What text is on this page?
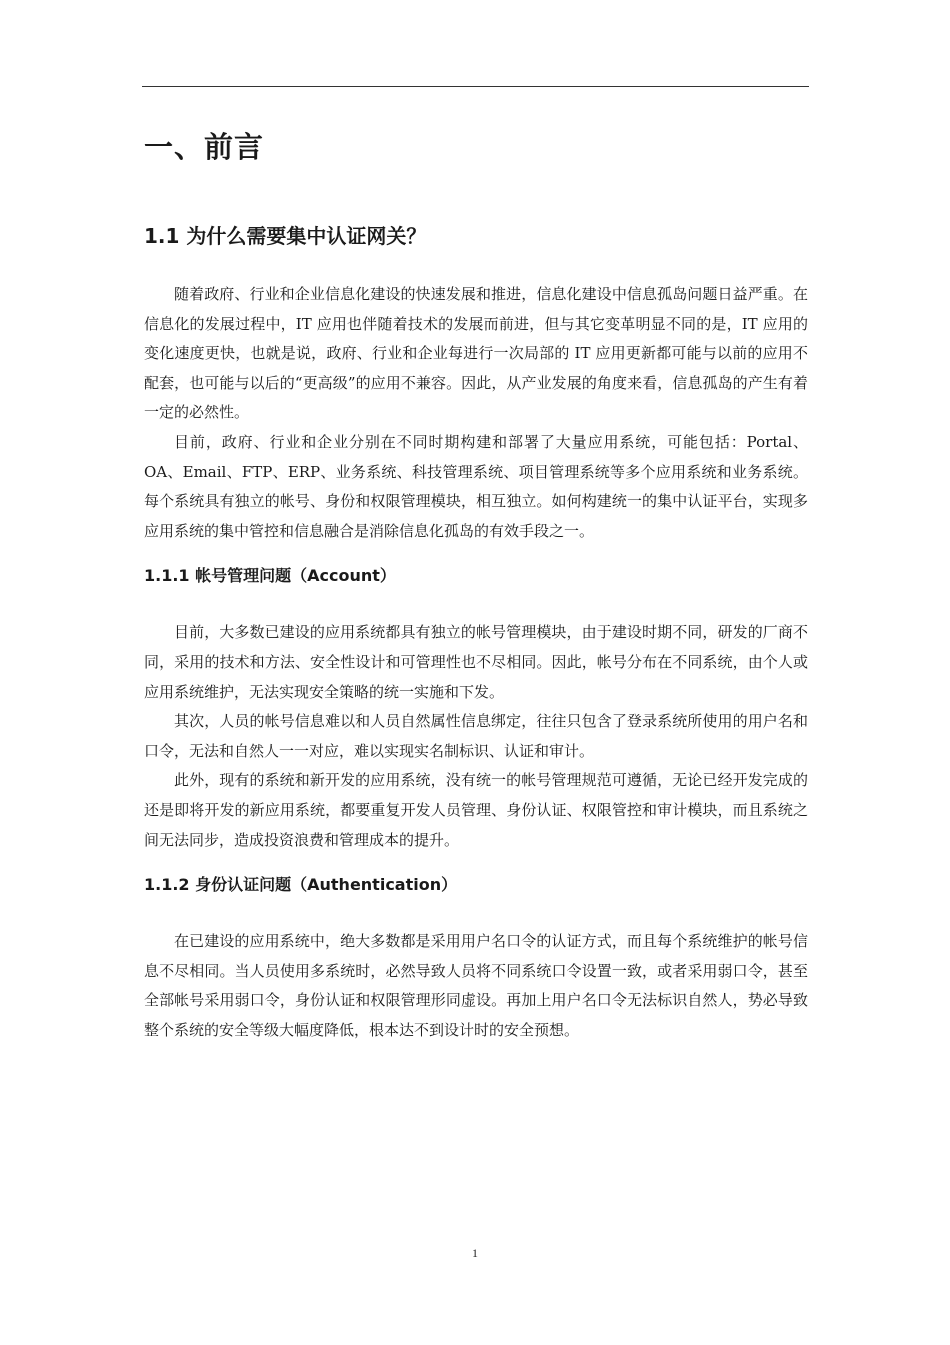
一、前言
1.1 为什么需要集中认证网关？

随着政府、行业和企业信息化建设的快速发展和推进，信息化建设中信息孤岛问题日益严重。在信息化的发展过程中，IT 应用也伴随着技术的发展而前进，但与其它变革明显不同的是，IT 应用的变化速度更快，也就是说，政府、行业和企业每进行一次局部的 IT 应用更新都可能与以前的应用不配套，也可能与以后的“更高级”的应用不兼容。因此，从产业发展的角度来看，信息孤岛的产生有着一定的必然性。

目前，政府、行业和企业分别在不同时期构建和部署了大量应用系统，可能包括：Portal、OA、Email、FTP、ERP、业务系统、科技管理系统、项目管理系统等多个应用系统和业务系统。每个系统具有独立的帐号、身份和权限管理模块，相互独立。如何构建统一的集中认证平台，实现多应用系统的集中管控和信息融合是消除信息化孤岛的有效手段之一。

1.1.1 帐号管理问题（Account）

目前，大多数已建设的应用系统都具有独立的帐号管理模块，由于建设时期不同，研发的厂商不同，采用的技术和方法、安全性设计和可管理性也不尽相同。因此，帐号分布在不同系统，由个人或应用系统维护，无法实现安全策略的统一实施和下发。

其次，人员的帐号信息难以和人员自然属性信息绑定，往往只包含了登录系统所使用的用户名和口令，无法和自然人一一对应，难以实现实名制标识、认证和审计。

此外，现有的系统和新开发的应用系统，没有统一的帐号管理规范可遵循，无论已经开发完成的还是即将开发的新应用系统，都要重复开发人员管理、身份认证、权限管控和审计模块，而且系统之间无法同步，造成投资浪费和管理成本的提升。

1.1.2 身份认证问题（Authentication）

在已建设的应用系统中，绝大多数都是采用用户名口令的认证方式，而且每个系统维护的帐号信息不尽相同。当人员使用多系统时，必然导致人员将不同系统口令设置一致，或者采用弱口令，甚至全部帐号采用弱口令，身份认证和权限管理形同虚设。再加上用户名口令无法标识自然人，势必导致整个系统的安全等级大幅度降低，根本达不到设计时的安全预想。

1
